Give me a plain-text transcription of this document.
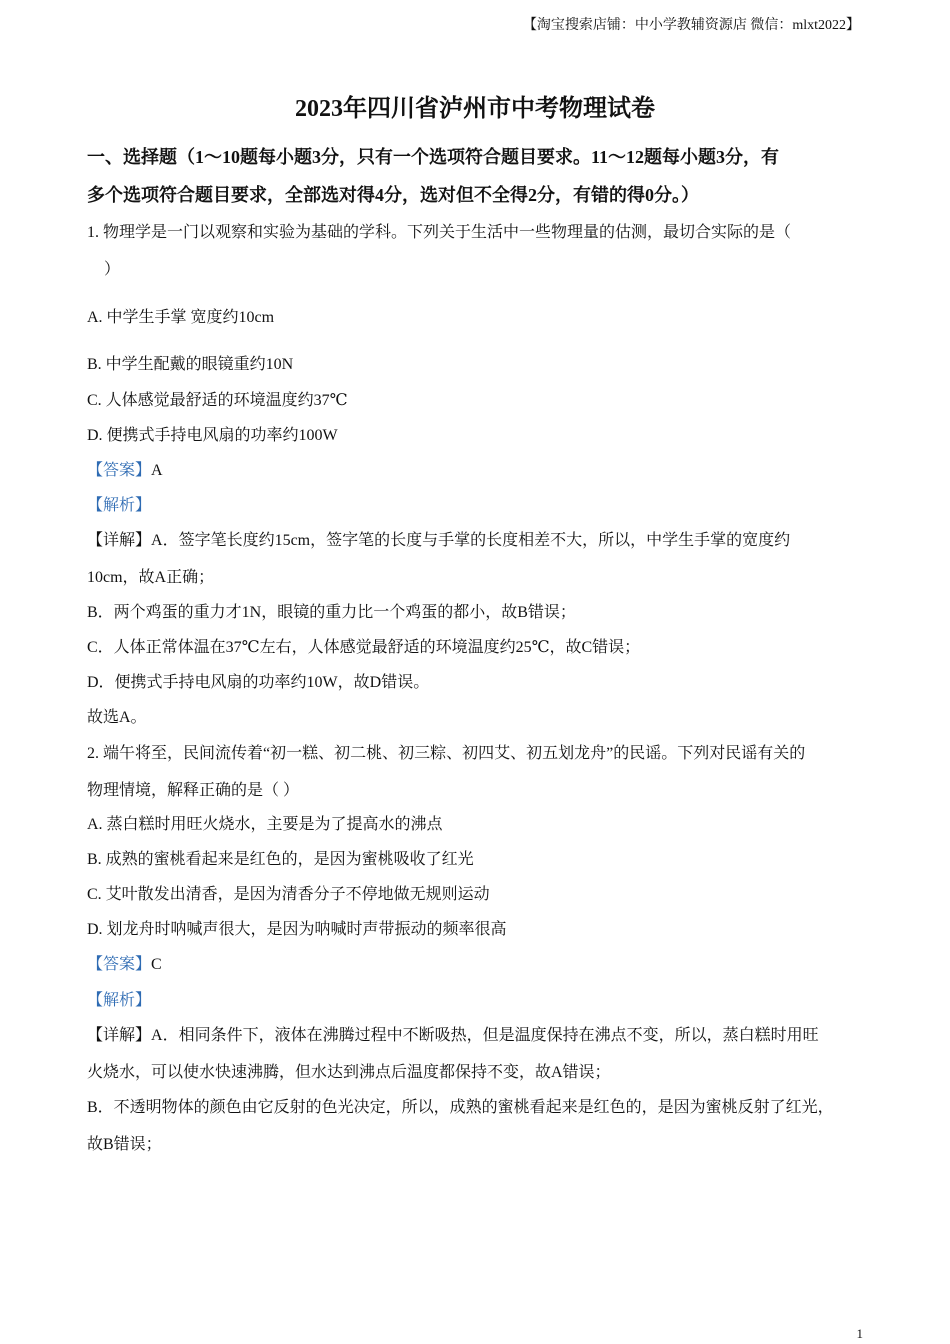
【淘宝搜索店铺：中小学教辅资源店 微信：mlxt2022】
2023年四川省泸州市中考物理试卷
一、选择题（1～10题每小题3分，只有一个选项符合题目要求。11～12题每小题3分，有
多个选项符合题目要求，全部选对得4分，选对但不全得2分，有错的得0分。）
1. 物理学是一门以观察和实验为基础的学科。下列关于生活中一些物理量的估测，最切合实际的是（
）
A. 中学生手掌 宽度约10cm
B. 中学生配戴的眼镜重约10N
C. 人体感觉最舒适的环境温度约37℃
D. 便携式手持电风扇的功率约100W
【答案】A
【解析】
【详解】A．签字笔长度约15cm，签字笔的长度与手掌的长度相差不大，所以，中学生手掌的宽度约
10cm，故A正确；
B．两个鸡蛋的重力才1N，眼镜的重力比一个鸡蛋的都小，故B错误；
C．人体正常体温在37℃左右，人体感觉最舒适的环境温度约25℃，故C错误；
D．便携式手持电风扇的功率约10W，故D错误。
故选A。
2. 端午将至，民间流传着“初一糕、初二桃、初三粽、初四艾、初五划龙舟”的民谣。下列对民谣有关的
物理情境，解释正确的是（ ）
A. 蒸白糕时用旺火烧水，主要是为了提高水的沸点
B. 成熟的蜜桃看起来是红色的，是因为蜜桃吸收了红光
C. 艾叶散发出清香，是因为清香分子不停地做无规则运动
D. 划龙舟时呐喊声很大，是因为呐喊时声带振动的频率很高
【答案】C
【解析】
【详解】A．相同条件下，液体在沸腾过程中不断吸热，但是温度保持在沸点不变，所以，蒸白糕时用旺
火烧水，可以使水快速沸腾，但水达到沸点后温度都保持不变，故A错误；
B．不透明物体的颜色由它反射的色光决定，所以，成熟的蜜桃看起来是红色的，是因为蜜桃反射了红光，
故B错误；
1
